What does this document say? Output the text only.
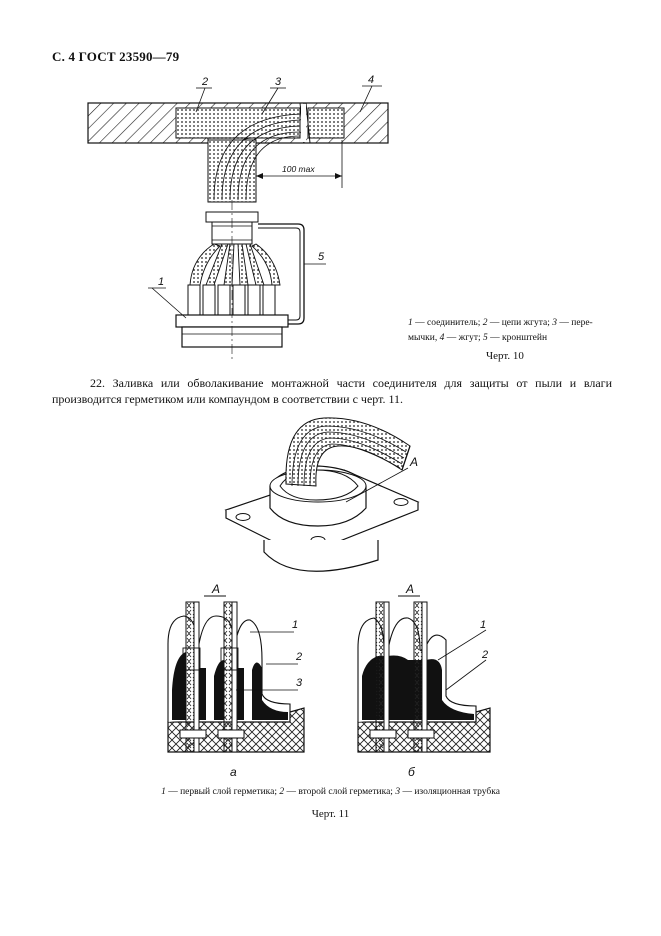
С. 4 ГОСТ 23590—79
100 max
2	3	4
5
1
А
А
1
2
3
а
А
1
2
б
1 — соединитель; 2 — цепи жгута; 3 — пере-мычки, 4 — жгут; 5 — кронштейн
Черт. 10
22. Заливка или обволакивание монтажной части соединителя для защиты от пыли и влаги производится герметиком или компаундом в соответствии с черт. 11.
1 — первый слой герметика; 2 — второй слой герметика; 3 — изоляционная трубка
Черт. 11
